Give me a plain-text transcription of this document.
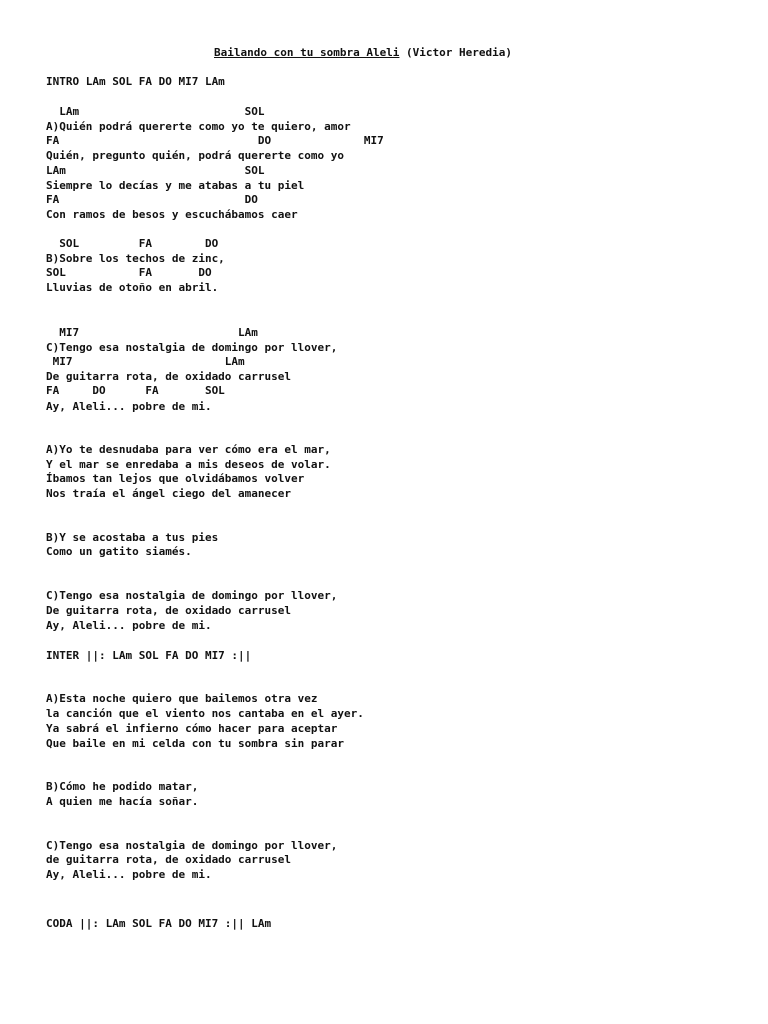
Bailando con tu sombra Aleli (Victor Heredia)

INTRO LAm SOL FA DO MI7 LAm

LAm                         SOL

A)Quién podrá quererte como yo te quiero, amor

FA                              DO              MI7

Quién, pregunto quién, podrá quererte como yo

LAm                           SOL

Siempre lo decías y me atabas a tu piel

FA                            DO

Con ramos de besos y escuchábamos caer

SOL         FA        DO

B)Sobre los techos de zinc,

SOL           FA       DO

Lluvias de otoño en abril.

MI7                        LAm

C)Tengo esa nostalgia de domingo por llover,

MI7                       LAm

De guitarra rota, de oxidado carrusel

FA     DO      FA       SOL

Ay, Aleli... pobre de mi.

A)Yo te desnudaba para ver cómo era el mar,

Y el mar se enredaba a mis deseos de volar.

Íbamos tan lejos que olvidábamos volver

Nos traía el ángel ciego del amanecer

B)Y se acostaba a tus pies

Como un gatito siamés.

C)Tengo esa nostalgia de domingo por llover,

De guitarra rota, de oxidado carrusel

Ay, Aleli... pobre de mi.

INTER ||: LAm SOL FA DO MI7 :||

A)Esta noche quiero que bailemos otra vez

la canción que el viento nos cantaba en el ayer.

Ya sabrá el infierno cómo hacer para aceptar

Que baile en mi celda con tu sombra sin parar

B)Cómo he podido matar,

A quien me hacía soñar.

C)Tengo esa nostalgia de domingo por llover,

de guitarra rota, de oxidado carrusel

Ay, Aleli... pobre de mi.

CODA ||: LAm SOL FA DO MI7 :|| LAm
